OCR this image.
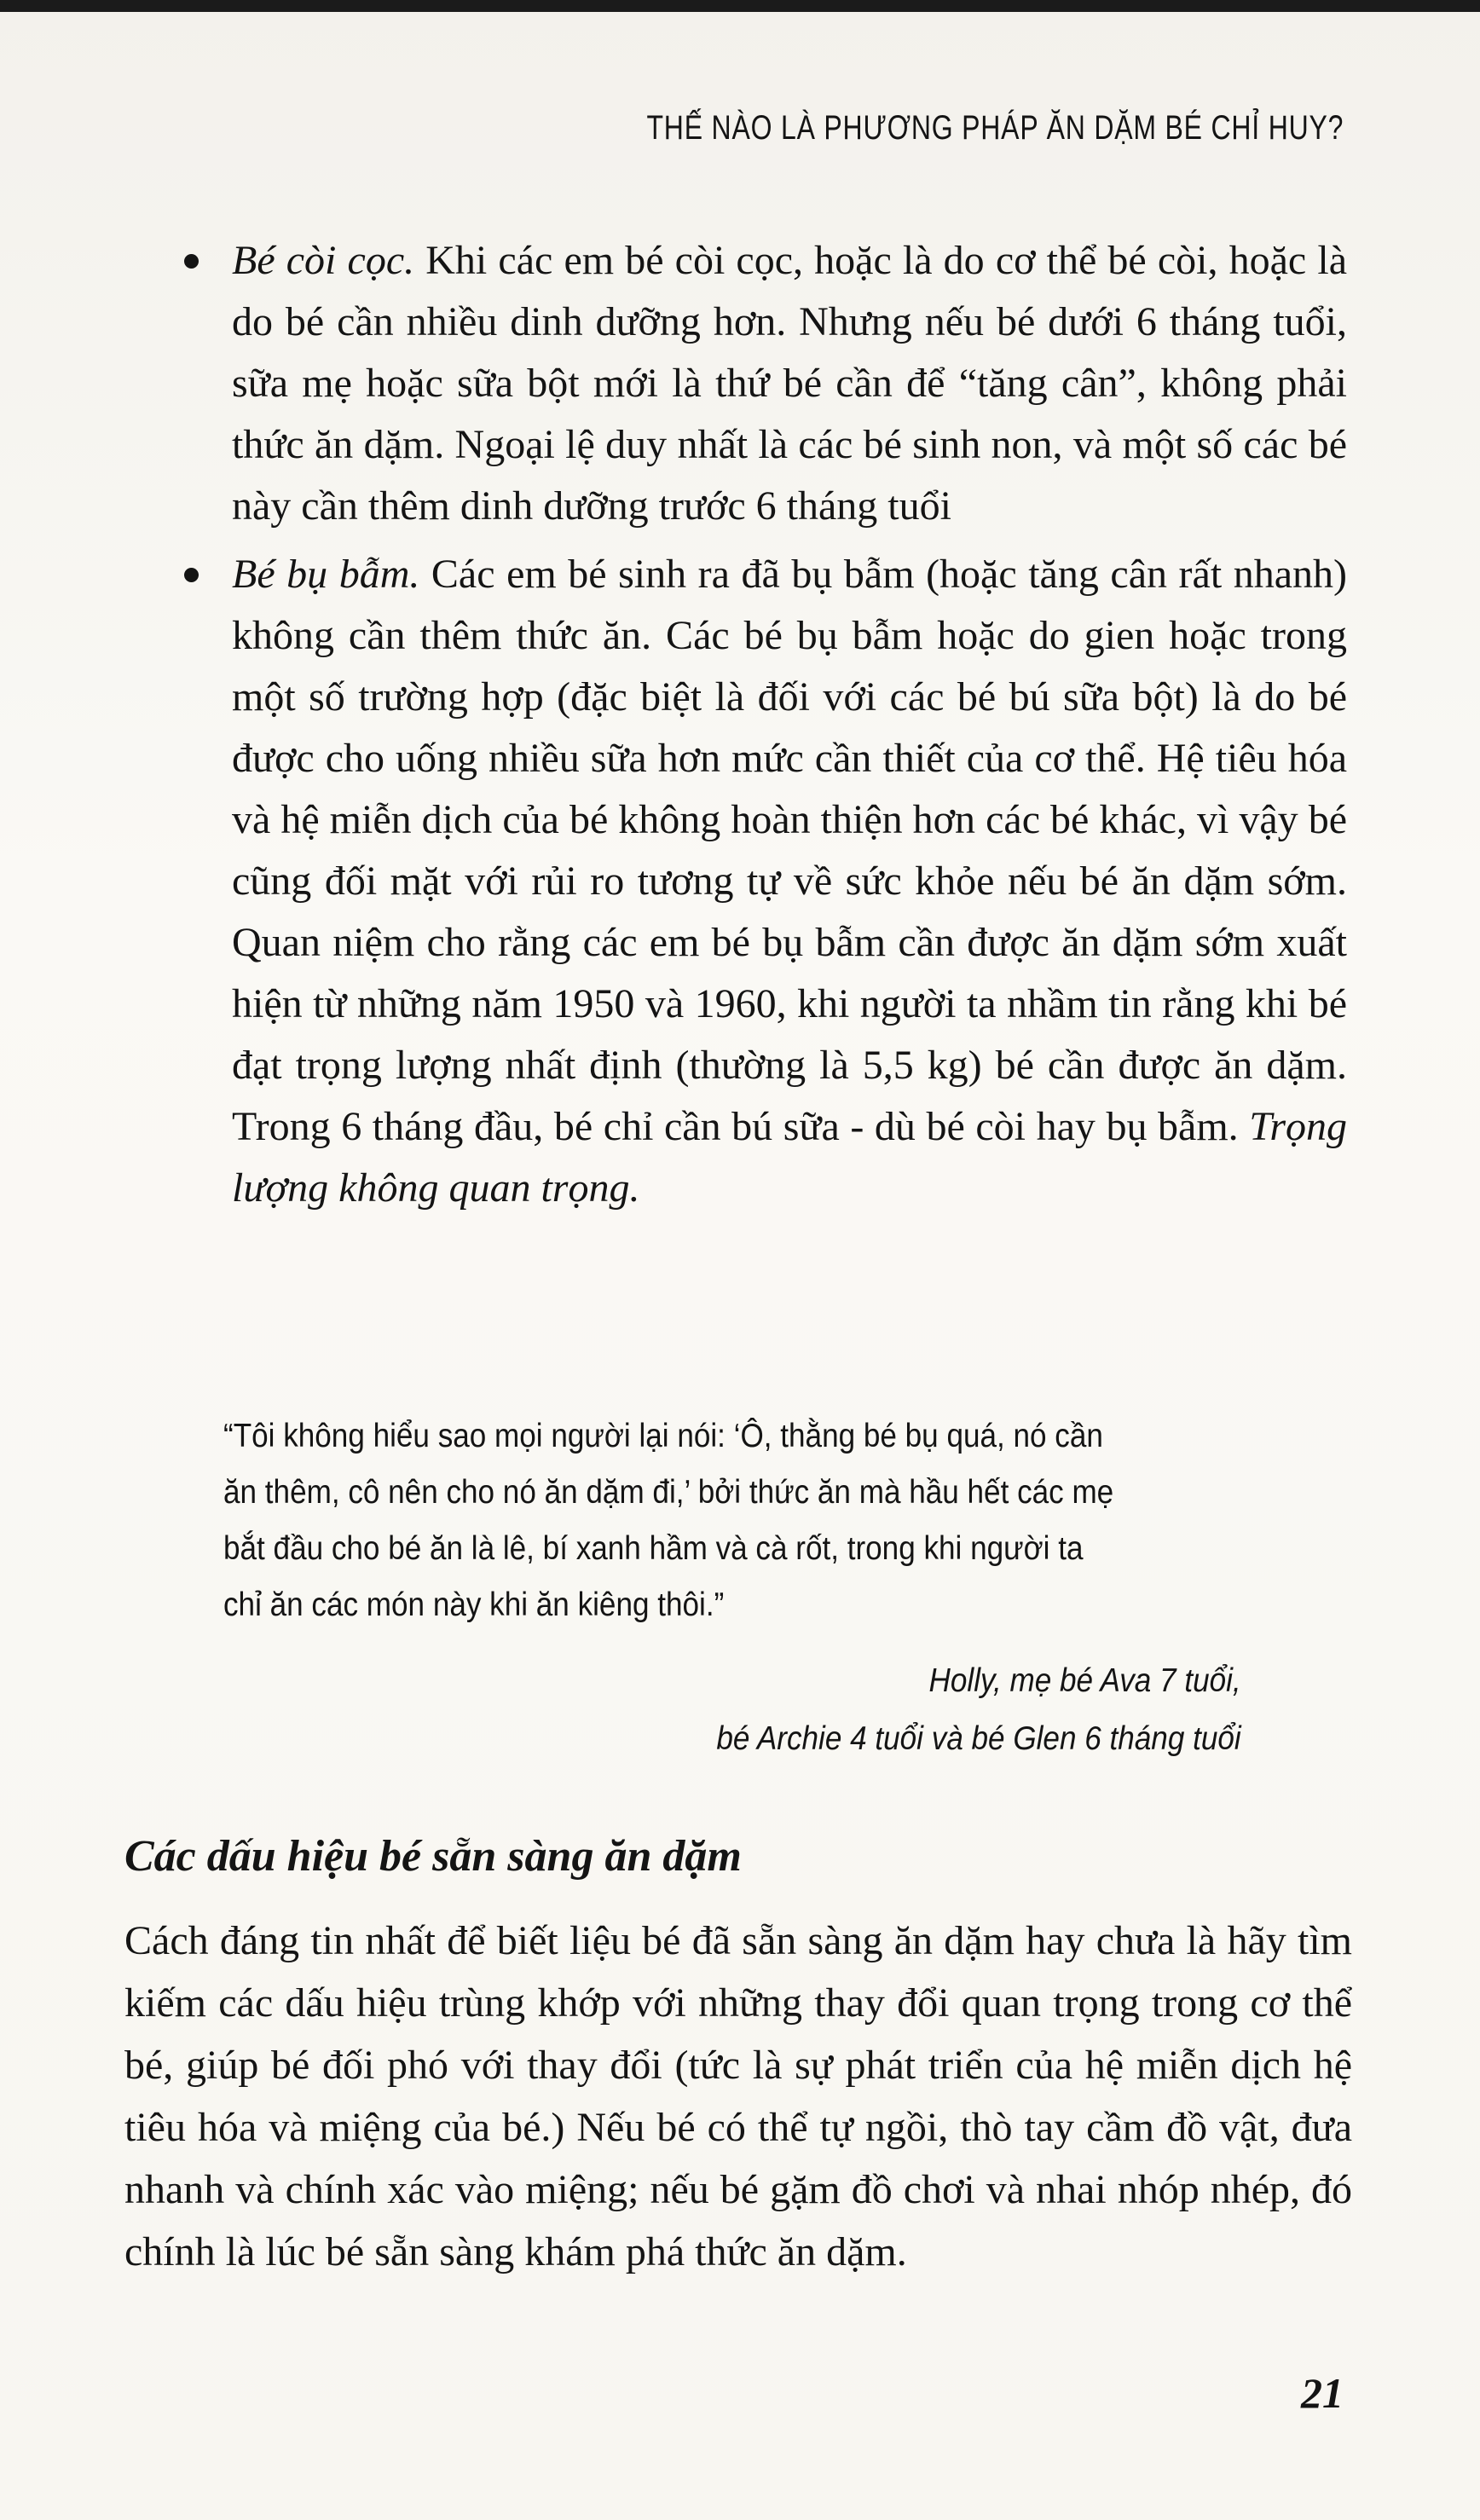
THẾ NÀO LÀ PHƯƠNG PHÁP ĂN DẶM BÉ CHỈ HUY?
Bé còi cọc. Khi các em bé còi cọc, hoặc là do cơ thể bé còi, hoặc là do bé cần nhiều dinh dưỡng hơn. Nhưng nếu bé dưới 6 tháng tuổi, sữa mẹ hoặc sữa bột mới là thứ bé cần để “tăng cân”, không phải thức ăn dặm. Ngoại lệ duy nhất là các bé sinh non, và một số các bé này cần thêm dinh dưỡng trước 6 tháng tuổi
Bé bụ bẫm. Các em bé sinh ra đã bụ bẫm (hoặc tăng cân rất nhanh) không cần thêm thức ăn. Các bé bụ bẫm hoặc do gien hoặc trong một số trường hợp (đặc biệt là đối với các bé bú sữa bột) là do bé được cho uống nhiều sữa hơn mức cần thiết của cơ thể. Hệ tiêu hóa và hệ miễn dịch của bé không hoàn thiện hơn các bé khác, vì vậy bé cũng đối mặt với rủi ro tương tự về sức khỏe nếu bé ăn dặm sớm. Quan niệm cho rằng các em bé bụ bẫm cần được ăn dặm sớm xuất hiện từ những năm 1950 và 1960, khi người ta nhầm tin rằng khi bé đạt trọng lượng nhất định (thường là 5,5 kg) bé cần được ăn dặm. Trong 6 tháng đầu, bé chỉ cần bú sữa - dù bé còi hay bụ bẫm. Trọng lượng không quan trọng.

“Tôi không hiểu sao mọi người lại nói: ‘Ô, thằng bé bụ quá, nó cần ăn thêm, cô nên cho nó ăn dặm đi,’ bởi thức ăn mà hầu hết các mẹ bắt đầu cho bé ăn là lê, bí xanh hầm và cà rốt, trong khi người ta chỉ ăn các món này khi ăn kiêng thôi.”

Holly, mẹ bé Ava 7 tuổi,
bé Archie 4 tuổi và bé Glen 6 tháng tuổi
Các dấu hiệu bé sẵn sàng ăn dặm

Cách đáng tin nhất để biết liệu bé đã sẵn sàng ăn dặm hay chưa là hãy tìm kiếm các dấu hiệu trùng khớp với những thay đổi quan trọng trong cơ thể bé, giúp bé đối phó với thay đổi (tức là sự phát triển của hệ miễn dịch hệ tiêu hóa và miệng của bé.) Nếu bé có thể tự ngồi, thò tay cầm đồ vật, đưa nhanh và chính xác vào miệng; nếu bé gặm đồ chơi và nhai nhóp nhép, đó chính là lúc bé sẵn sàng khám phá thức ăn dặm.

21
